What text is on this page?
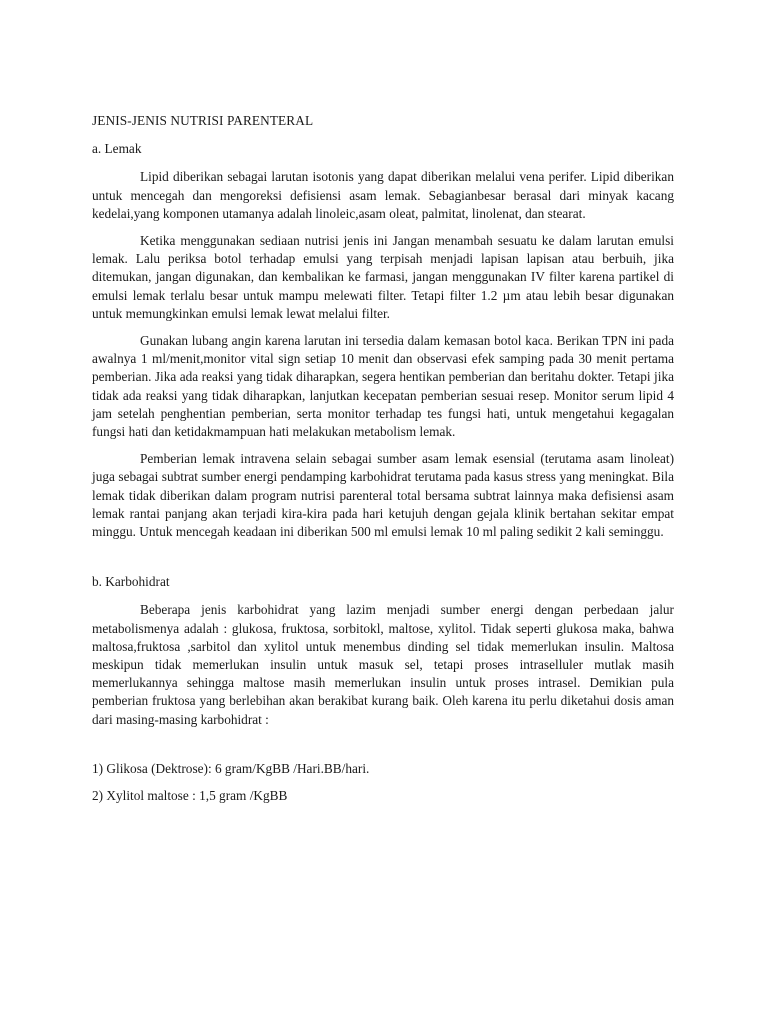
JENIS-JENIS NUTRISI PARENTERAL

a. Lemak

Lipid diberikan sebagai larutan isotonis yang dapat diberikan melalui vena perifer. Lipid diberikan untuk mencegah dan mengoreksi defisiensi asam lemak. Sebagianbesar berasal dari minyak kacang kedelai,yang komponen utamanya adalah linoleic,asam oleat, palmitat, linolenat, dan stearat.

Ketika menggunakan sediaan nutrisi jenis ini Jangan menambah sesuatu ke dalam larutan emulsi lemak. Lalu periksa botol terhadap emulsi yang terpisah menjadi lapisan lapisan atau berbuih, jika ditemukan, jangan digunakan, dan kembalikan ke farmasi, jangan menggunakan IV filter karena partikel di emulsi lemak terlalu besar untuk mampu melewati filter. Tetapi filter 1.2 µm atau lebih besar digunakan untuk memungkinkan emulsi lemak lewat melalui filter.

Gunakan lubang angin karena larutan ini tersedia dalam kemasan botol kaca. Berikan TPN ini pada awalnya 1 ml/menit,monitor vital sign setiap 10 menit dan observasi efek samping pada 30 menit pertama pemberian. Jika ada reaksi yang tidak diharapkan, segera hentikan pemberian dan beritahu dokter. Tetapi jika tidak ada reaksi yang tidak diharapkan, lanjutkan kecepatan pemberian sesuai resep. Monitor serum lipid 4 jam setelah penghentian pemberian, serta monitor terhadap tes fungsi hati, untuk mengetahui kegagalan fungsi hati dan ketidakmampuan hati melakukan metabolism lemak.

Pemberian lemak intravena selain sebagai sumber asam lemak esensial (terutama asam linoleat) juga sebagai subtrat sumber energi pendamping karbohidrat terutama pada kasus stress yang meningkat. Bila lemak tidak diberikan dalam program nutrisi parenteral total bersama subtrat lainnya maka defisiensi asam lemak rantai panjang akan terjadi kira-kira pada hari ketujuh dengan gejala klinik bertahan sekitar empat minggu. Untuk mencegah keadaan ini diberikan 500 ml emulsi lemak 10 ml paling sedikit 2 kali seminggu.

b. Karbohidrat

Beberapa jenis karbohidrat yang lazim menjadi sumber energi dengan perbedaan jalur metabolismenya adalah : glukosa, fruktosa, sorbitokl, maltose, xylitol. Tidak seperti glukosa maka, bahwa maltosa,fruktosa ,sarbitol dan xylitol untuk menembus dinding sel tidak memerlukan insulin. Maltosa meskipun tidak memerlukan insulin untuk masuk sel, tetapi proses intraselluler mutlak masih memerlukannya sehingga maltose masih memerlukan insulin untuk proses intrasel. Demikian pula pemberian fruktosa yang berlebihan akan berakibat kurang baik. Oleh karena itu perlu diketahui dosis aman dari masing-masing karbohidrat :

1) Glikosa (Dektrose): 6 gram/KgBB /Hari.BB/hari.

2) Xylitol maltose : 1,5 gram /KgBB
